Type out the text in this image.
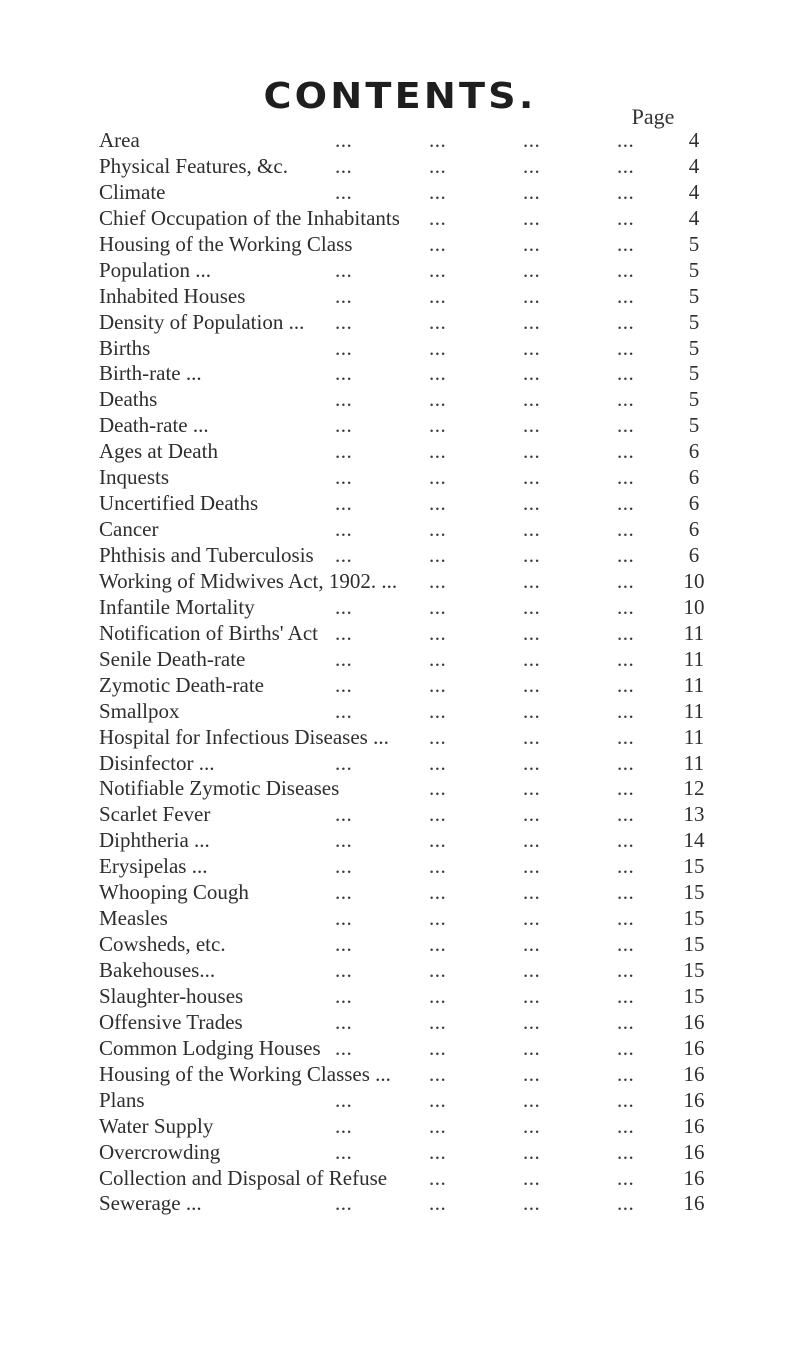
CONTENTS.	Page
Area	...	...	...	...	4
Physical Features, &c. ...	...	...	...	4
Climate	...	...	...	...	4
Chief Occupation of the Inhabitants	...	...	...	4
Housing of the Working Class	...	...	...	5
Population ...	...	...	...	...	5
Inhabited Houses	...	...	...	...	5
Density of Population ... ...	...	...	...	5
Births	...	...	...	...	5
Birth-rate ...	...	...	...	...	5
Deaths	...	...	...	...	5
Death-rate ...	...	...	...	...	5
Ages at Death	...	...	...	...	6
Inquests	...	...	...	...	6
Uncertified Deaths	...	...	...	...	6
Cancer	...	...	...	...	6
Phthisis and Tuberculosis ...	...	...	...	6
Working of Midwives Act, 1902. ...	...	...	...	10
Infantile Mortality	...	...	...	...	10
Notification of Births' Act ...	...	...	...	11
Senile Death-rate	...	...	...	...	11
Zymotic Death-rate	...	...	...	...	11
Smallpox	...	...	...	...	11
Hospital for Infectious Diseases ...	...	...	...	11
Disinfector ...	...	...	...	...	11
Notifiable Zymotic Diseases	...	...	...	12
Scarlet Fever	...	...	...	...	13
Diphtheria ...	...	...	...	...	14
Erysipelas ...	...	...	...	...	15
Whooping Cough	...	...	...	...	15
Measles	...	...	...	...	15
Cowsheds, etc.	...	...	...	...	15
Bakehouses...	...	...	...	...	15
Slaughter-houses	...	...	...	...	15
Offensive Trades	...	...	...	...	16
Common Lodging Houses ...	...	...	...	16
Housing of the Working Classes ...	...	...	...	16
Plans	...	...	...	...	16
Water Supply	...	...	...	...	16
Overcrowding	...	...	...	...	16
Collection and Disposal of Refuse	...	...	...	16
Sewerage ...	...	...	...	...	16
